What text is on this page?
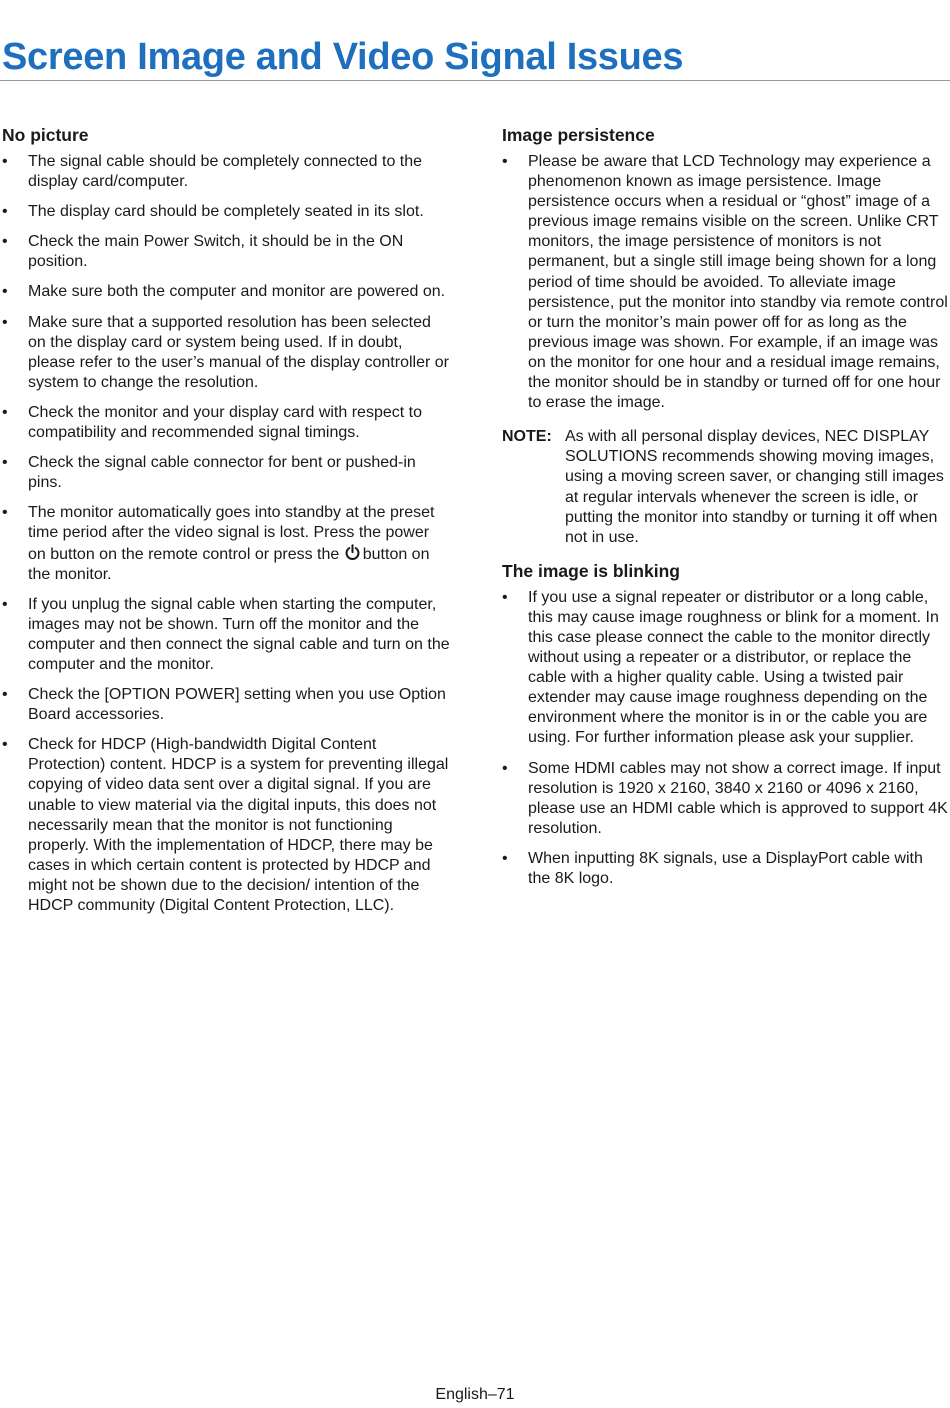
Screen Image and Video Signal Issues
No picture
• The signal cable should be completely connected to the display card/computer.
• The display card should be completely seated in its slot.
• Check the main Power Switch, it should be in the ON position.
• Make sure both the computer and monitor are powered on.
• Make sure that a supported resolution has been selected on the display card or system being used. If in doubt, please refer to the user’s manual of the display controller or system to change the resolution.
• Check the monitor and your display card with respect to compatibility and recommended signal timings.
• Check the signal cable connector for bent or pushed-in pins.
• The monitor automatically goes into standby at the preset time period after the video signal is lost. Press the power on button on the remote control or press the button on the monitor.
• If you unplug the signal cable when starting the computer, images may not be shown. Turn off the monitor and the computer and then connect the signal cable and turn on the computer and the monitor.
• Check the [OPTION POWER] setting when you use Option Board accessories.
• Check for HDCP (High-bandwidth Digital Content Protection) content. HDCP is a system for preventing illegal copying of video data sent over a digital signal. If you are unable to view material via the digital inputs, this does not necessarily mean that the monitor is not functioning properly. With the implementation of HDCP, there may be cases in which certain content is protected by HDCP and might not be shown due to the decision/ intention of the HDCP community (Digital Content Protection, LLC).
Image persistence
• Please be aware that LCD Technology may experience a phenomenon known as image persistence. Image persistence occurs when a residual or “ghost” image of a previous image remains visible on the screen. Unlike CRT monitors, the image persistence of monitors is not permanent, but a single still image being shown for a long period of time should be avoided. To alleviate image persistence, put the monitor into standby via remote control or turn the monitor’s main power off for as long as the previous image was shown. For example, if an image was on the monitor for one hour and a residual image remains, the monitor should be in standby or turned off for one hour to erase the image.
NOTE: As with all personal display devices, NEC DISPLAY SOLUTIONS recommends showing moving images, using a moving screen saver, or changing still images at regular intervals whenever the screen is idle, or putting the monitor into standby or turning it off when not in use.
The image is blinking
• If you use a signal repeater or distributor or a long cable, this may cause image roughness or blink for a moment. In this case please connect the cable to the monitor directly without using a repeater or a distributor, or replace the cable with a higher quality cable. Using a twisted pair extender may cause image roughness depending on the environment where the monitor is in or the cable you are using. For further information please ask your supplier.
• Some HDMI cables may not show a correct image. If input resolution is 1920 x 2160, 3840 x 2160 or 4096 x 2160, please use an HDMI cable which is approved to support 4K resolution.
• When inputting 8K signals, use a DisplayPort cable with the 8K logo.
English–71
